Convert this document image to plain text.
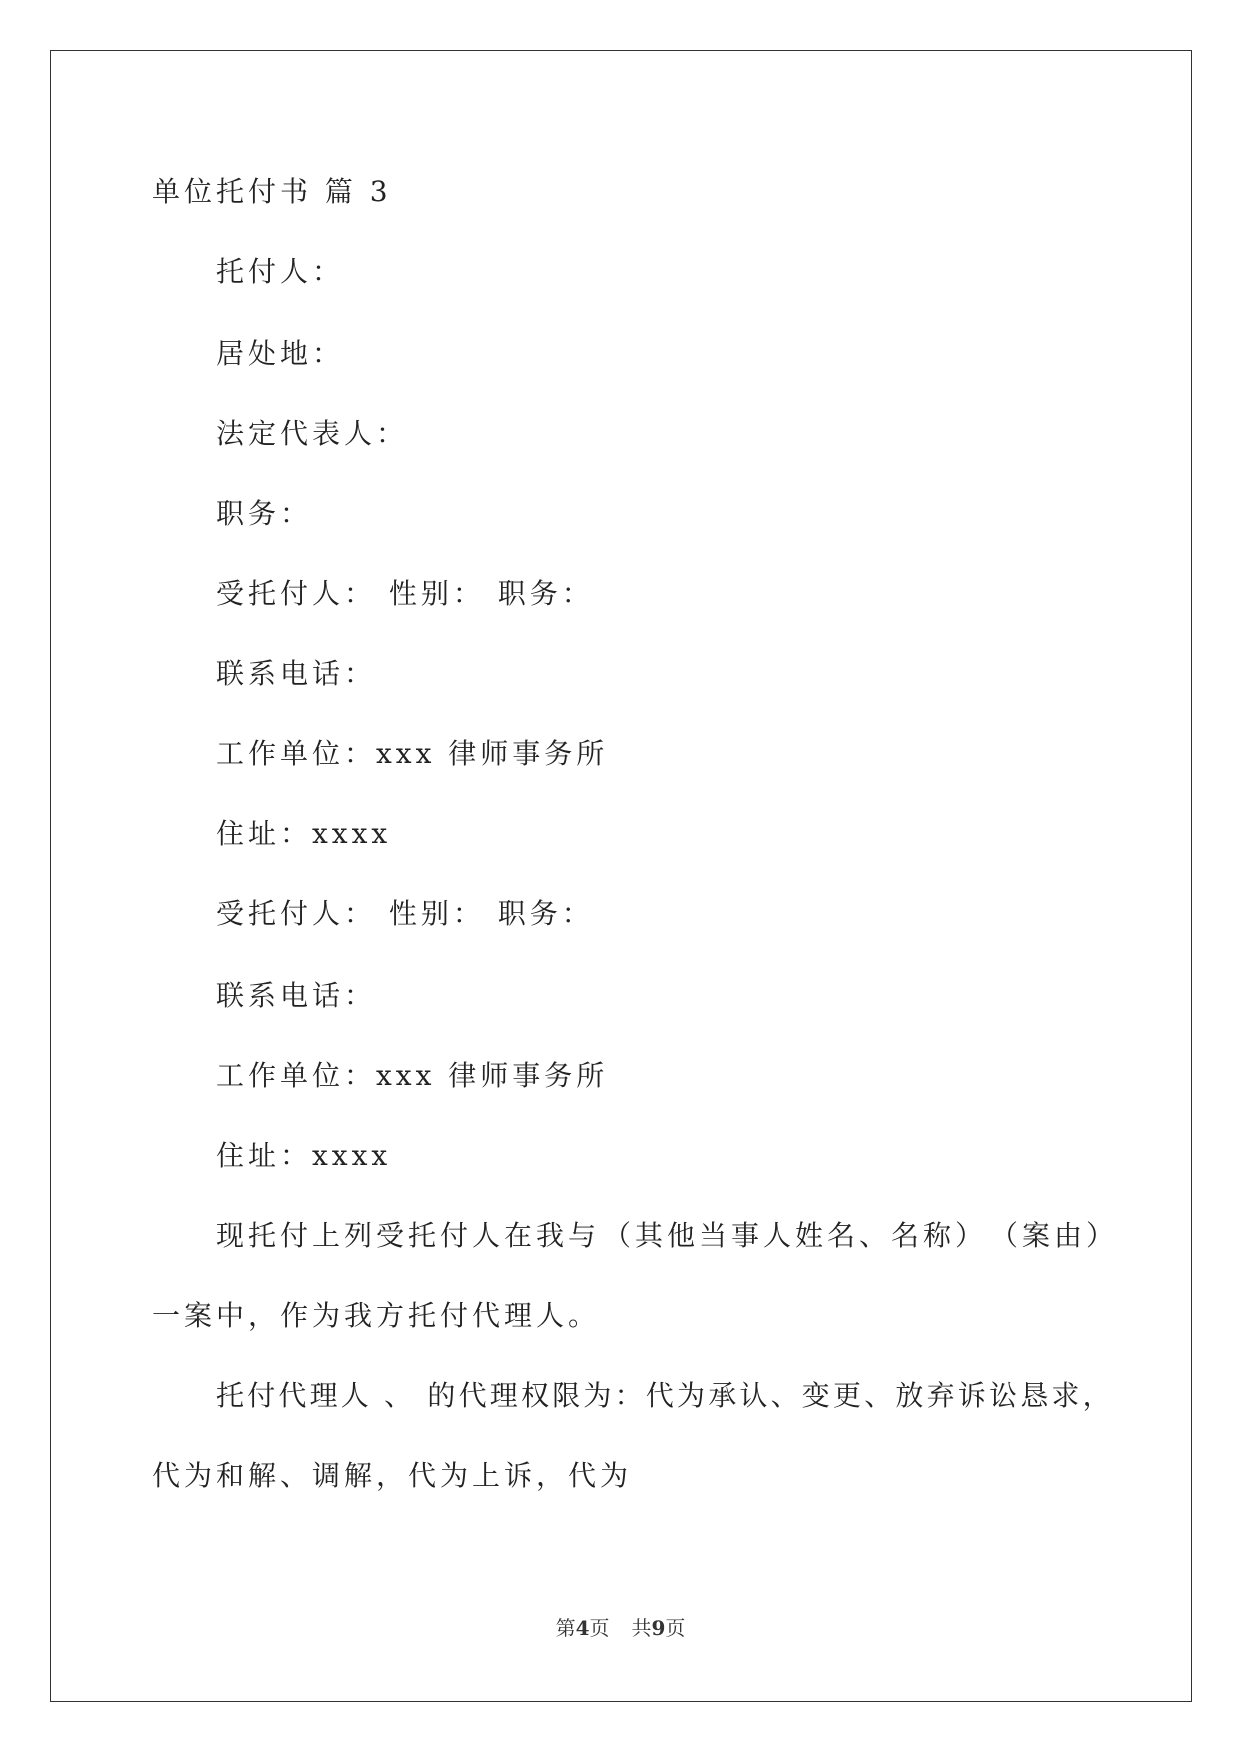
单位托付书 篇 3
托付人：
居处地：
法定代表人：
职务：
受托付人： 性别： 职务：
联系电话：
工作单位：xxx 律师事务所
住址：xxxx
受托付人： 性别： 职务：
联系电话：
工作单位：xxx 律师事务所
住址：xxxx
现托付上列受托付人在我与 （其他当事人姓名、名称） （案由）
一案中，作为我方托付代理人。
托付代理人 、 的代理权限为：代为承认、变更、放弃诉讼恳求，
代为和解、调解，代为上诉，代为
第4页 共9页
